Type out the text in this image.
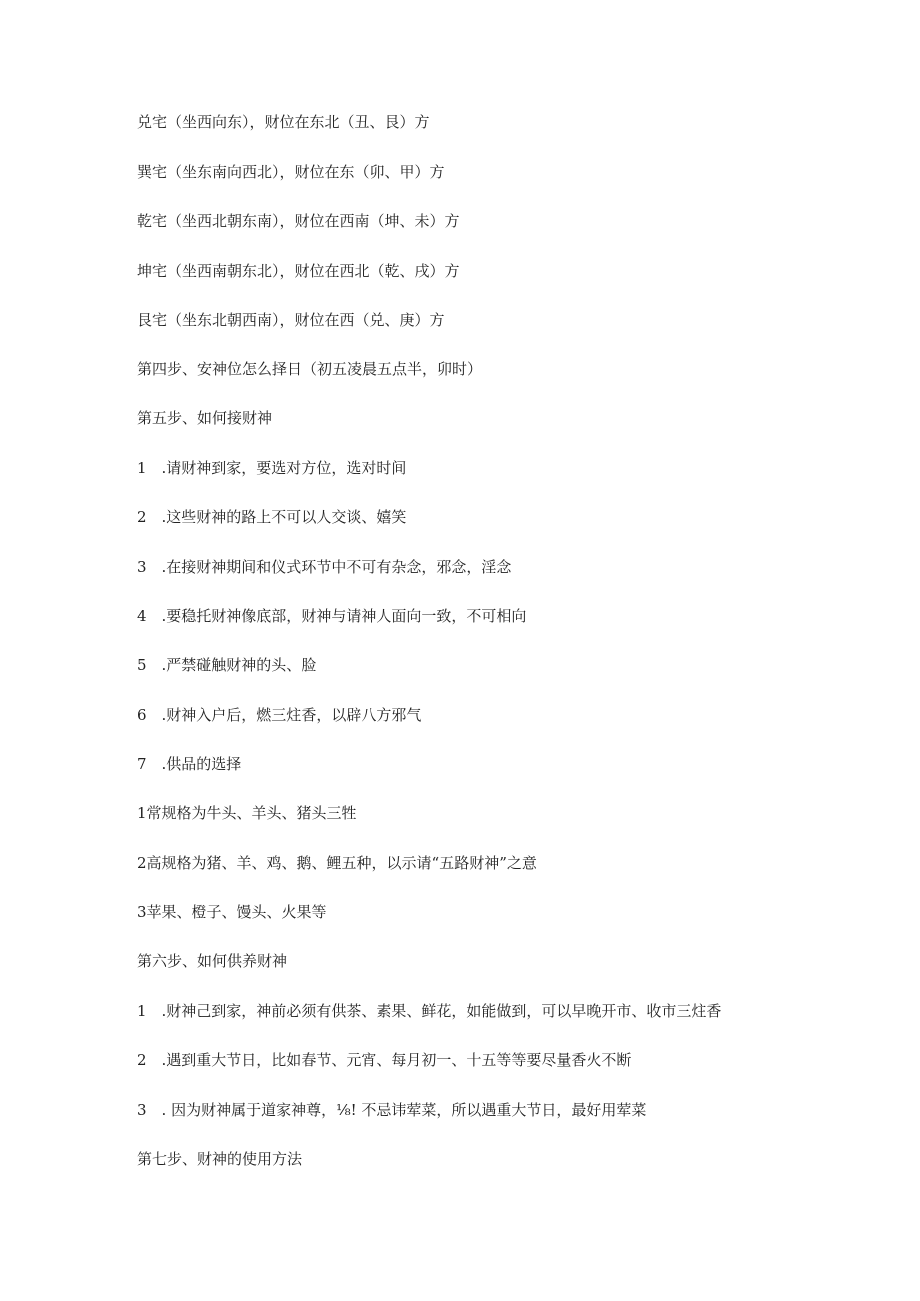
兑宅（坐西向东），财位在东北（丑、艮）方
巽宅（坐东南向西北），财位在东（卯、甲）方
乾宅（坐西北朝东南），财位在西南（坤、未）方
坤宅（坐西南朝东北），财位在西北（乾、戌）方
艮宅（坐东北朝西南），财位在西（兑、庚）方
第四步、安神位怎么择日（初五凌晨五点半，卯时）
第五步、如何接财神
1　.请财神到家，要选对方位，选对时间
2　.这些财神的路上不可以人交谈、嬉笑
3　.在接财神期间和仪式环节中不可有杂念，邪念，淫念
4　.要稳托财神像底部，财神与请神人面向一致，不可相向
5　.严禁碰触财神的头、脸
6　.财神入户后，燃三炷香，以辟八方邪气
7　.供品的选择
1常规格为牛头、羊头、猪头三牲
2高规格为猪、羊、鸡、鹅、鲤五种，以示请“五路财神”之意
3苹果、橙子、馒头、火果等
第六步、如何供养财神
1　.财神己到家，神前必须有供茶、素果、鲜花，如能做到，可以早晚开市、收市三炷香
2　.遇到重大节日，比如春节、元宵、每月初一、十五等等要尽量香火不断
3　. 因为财神属于道家神尊，⅛! 不忌讳荤菜，所以遇重大节日，最好用荤菜
第七步、财神的使用方法
